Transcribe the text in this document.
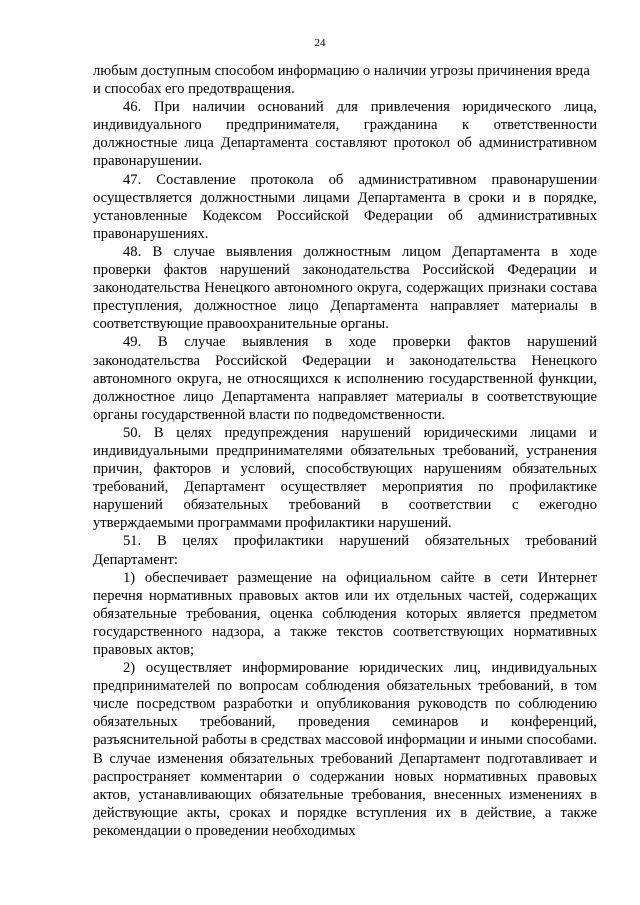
24

любым доступным способом информацию о наличии угрозы причинения вреда

и способах его предотвращения.

46. При наличии оснований для привлечения юридического лица, индивидуального предпринимателя, гражданина к ответственности должностные лица Департамента составляют протокол об административном правонарушении.

47. Составление протокола об административном правонарушении осуществляется должностными лицами Департамента в сроки и в порядке, установленные Кодексом Российской Федерации об административных правонарушениях.

48. В случае выявления должностным лицом Департамента в ходе проверки фактов нарушений законодательства Российской Федерации и законодательства Ненецкого автономного округа, содержащих признаки состава преступления, должностное лицо Департамента направляет материалы в соответствующие правоохранительные органы.

49. В случае выявления в ходе проверки фактов нарушений законодательства Российской Федерации и законодательства Ненецкого автономного округа, не относящихся к исполнению государственной функции, должностное лицо Департамента направляет материалы в соответствующие органы государственной власти по подведомственности.

50. В целях предупреждения нарушений юридическими лицами и индивидуальными предпринимателями обязательных требований, устранения причин, факторов и условий, способствующих нарушениям обязательных требований, Департамент осуществляет мероприятия по профилактике нарушений обязательных требований в соответствии с ежегодно утверждаемыми программами профилактики нарушений.

51. В целях профилактики нарушений обязательных требований Департамент:

1) обеспечивает размещение на официальном сайте в сети Интернет перечня нормативных правовых актов или их отдельных частей, содержащих обязательные требования, оценка соблюдения которых является предметом государственного надзора, а также текстов соответствующих нормативных правовых актов;

2) осуществляет информирование юридических лиц, индивидуальных предпринимателей по вопросам соблюдения обязательных требований, в том числе посредством разработки и опубликования руководств по соблюдению обязательных требований, проведения семинаров и конференций, разъяснительной работы в средствах массовой информации и иными способами. В случае изменения обязательных требований Департамент подготавливает и распространяет комментарии о содержании новых нормативных правовых актов, устанавливающих обязательные требования, внесенных изменениях в действующие акты, сроках и порядке вступления их в действие, а также рекомендации о проведении необходимых
